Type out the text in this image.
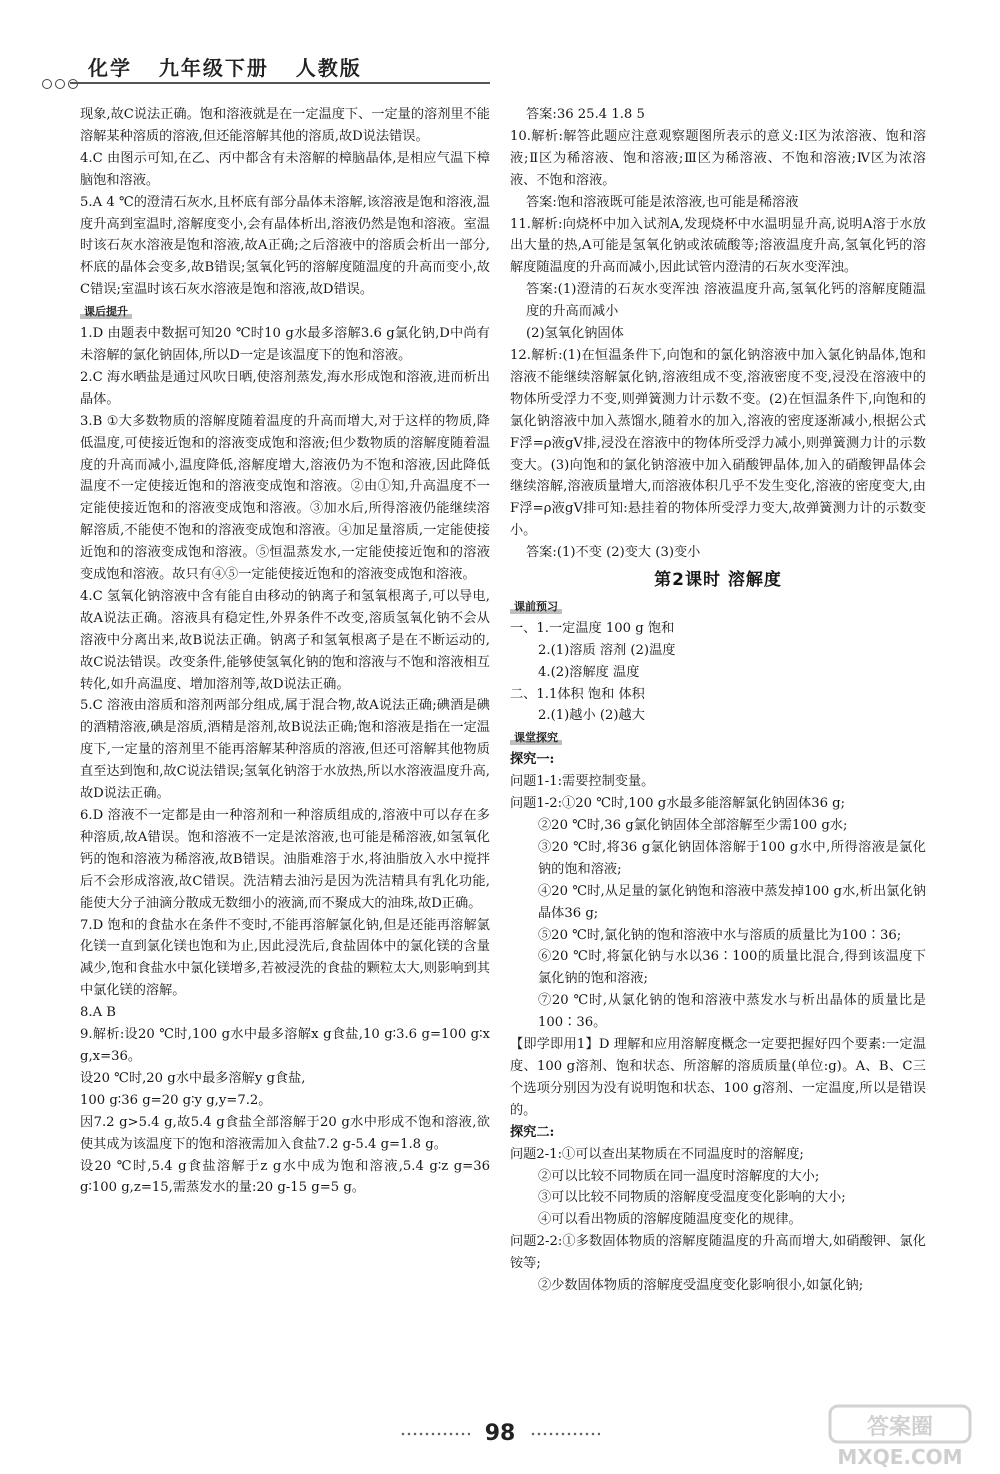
化学   九年级下册   人教版
现象,故C说法正确。饱和溶液就是在一定温度下、一定量的溶剂里不能溶解某种溶质的溶液,但还能溶解其他的溶质,故D说法错误。
4.C 由图示可知,在乙、丙中都含有未溶解的樟脑晶体,是相应气温下樟脑饱和溶液。
5.A 4 ℃的澄清石灰水,且杯底有部分晶体未溶解,该溶液是饱和溶液,温度升高到室温时,溶解度变小,会有晶体析出,溶液仍然是饱和溶液。室温时该石灰水溶液是饱和溶液,故A正确;之后溶液中的溶质会析出一部分,杯底的晶体会变多,故B错误;氢氧化钙的溶解度随温度的升高而变小,故C错误;室温时该石灰水溶液是饱和溶液,故D错误。
课后提升
1.D 由题表中数据可知20 ℃时10 g水最多溶解3.6 g氯化钠,D中尚有未溶解的氯化钠固体,所以D一定是该温度下的饱和溶液。
2.C 海水晒盐是通过风吹日晒,使溶剂蒸发,海水形成饱和溶液,进而析出晶体。
3.B ①大多数物质的溶解度随着温度的升高而增大,对于这样的物质,降低温度,可使接近饱和的溶液变成饱和溶液;但少数物质的溶解度随着温度的升高而减小,温度降低,溶解度增大,溶液仍为不饱和溶液,因此降低温度不一定使接近饱和的溶液变成饱和溶液。②由①知,升高温度不一定能使接近饱和的溶液变成饱和溶液。③加水后,所得溶液仍能继续溶解溶质,不能使不饱和的溶液变成饱和溶液。④加足量溶质,一定能使接近饱和的溶液变成饱和溶液。⑤恒温蒸发水,一定能使接近饱和的溶液变成饱和溶液。故只有④⑤一定能使接近饱和的溶液变成饱和溶液。
4.C 氢氧化钠溶液中含有能自由移动的钠离子和氢氧根离子,可以导电,故A说法正确。溶液具有稳定性,外界条件不改变,溶质氢氧化钠不会从溶液中分离出来,故B说法正确。钠离子和氢氧根离子是在不断运动的,故C说法错误。改变条件,能够使氢氧化钠的饱和溶液与不饱和溶液相互转化,如升高温度、增加溶剂等,故D说法正确。
5.C 溶液由溶质和溶剂两部分组成,属于混合物,故A说法正确;碘酒是碘的酒精溶液,碘是溶质,酒精是溶剂,故B说法正确;饱和溶液是指在一定温度下,一定量的溶剂里不能再溶解某种溶质的溶液,但还可溶解其他物质直至达到饱和,故C说法错误;氢氧化钠溶于水放热,所以水溶液温度升高,故D说法正确。
6.D 溶液不一定都是由一种溶剂和一种溶质组成的,溶液中可以存在多种溶质,故A错误。饱和溶液不一定是浓溶液,也可能是稀溶液,如氢氧化钙的饱和溶液为稀溶液,故B错误。油脂难溶于水,将油脂放入水中搅拌后不会形成溶液,故C错误。洗洁精去油污是因为洗洁精具有乳化功能,能使大分子油滴分散成无数细小的液滴,而不聚成大的油珠,故D正确。
7.D 饱和的食盐水在条件不变时,不能再溶解氯化钠,但是还能再溶解氯化镁一直到氯化镁也饱和为止,因此浸洗后,食盐固体中的氯化镁的含量减少,饱和食盐水中氯化镁增多,若被浸洗的食盐的颗粒太大,则影响到其中氯化镁的溶解。
8.A B
9.解析:设20 ℃时,100 g水中最多溶解x g食盐,10 g∶3.6 g=100 g∶x g,x=36。
设20 ℃时,20 g水中最多溶解y g食盐,
100 g∶36 g=20 g∶y g,y=7.2。
因7.2 g>5.4 g,故5.4 g食盐全部溶解于20 g水中形成不饱和溶液,欲使其成为该温度下的饱和溶液需加入食盐7.2 g-5.4 g=1.8 g。
设20 ℃时,5.4 g食盐溶解于z g水中成为饱和溶液,5.4 g∶z g=36 g∶100 g,z=15,需蒸发水的量:20 g-15 g=5 g。
答案:36 25.4 1.8 5
10.解析:解答此题应注意观察题图所表示的意义:Ⅰ区为浓溶液、饱和溶液;Ⅱ区为稀溶液、饱和溶液;Ⅲ区为稀溶液、不饱和溶液;Ⅳ区为浓溶液、不饱和溶液。
答案:饱和溶液既可能是浓溶液,也可能是稀溶液
11.解析:向烧杯中加入试剂A,发现烧杯中水温明显升高,说明A溶于水放出大量的热,A可能是氢氧化钠或浓硫酸等;溶液温度升高,氢氧化钙的溶解度随温度的升高而减小,因此试管内澄清的石灰水变浑浊。
答案:(1)澄清的石灰水变浑浊 溶液温度升高,氢氧化钙的溶解度随温度的升高而减小
(2)氢氧化钠固体
12.解析:(1)在恒温条件下,向饱和的氯化钠溶液中加入氯化钠晶体,饱和溶液不能继续溶解氯化钠,溶液组成不变,溶液密度不变,浸没在溶液中的物体所受浮力不变,则弹簧测力计示数不变。(2)在恒温条件下,向饱和的氯化钠溶液中加入蒸馏水,随着水的加入,溶液的密度逐渐减小,根据公式F浮=ρ液gV排,浸没在溶液中的物体所受浮力减小,则弹簧测力计的示数变大。(3)向饱和的氯化钠溶液中加入硝酸钾晶体,加入的硝酸钾晶体会继续溶解,溶液质量增大,而溶液体积几乎不发生变化,溶液的密度变大,由F浮=ρ液gV排可知:悬挂着的物体所受浮力变大,故弹簧测力计的示数变小。
答案:(1)不变 (2)变大 (3)变小
第2课时 溶解度
课前预习
一、1.一定温度 100 g 饱和
2.(1)溶质 溶剂 (2)温度
4.(2)溶解度 温度
二、1.1体积 饱和 体积
2.(1)越小 (2)越大
课堂探究
探究一:
问题1-1:需要控制变量。
问题1-2:①20 ℃时,100 g水最多能溶解氯化钠固体36 g;
②20 ℃时,36 g氯化钠固体全部溶解至少需100 g水;
③20 ℃时,将36 g氯化钠固体溶解于100 g水中,所得溶液是氯化钠的饱和溶液;
④20 ℃时,从足量的氯化钠饱和溶液中蒸发掉100 g水,析出氯化钠晶体36 g;
⑤20 ℃时,氯化钠的饱和溶液中水与溶质的质量比为100∶36;
⑥20 ℃时,将氯化钠与水以36∶100的质量比混合,得到该温度下氯化钠的饱和溶液;
⑦20 ℃时,从氯化钠的饱和溶液中蒸发水与析出晶体的质量比是100∶36。
【即学即用1】D 理解和应用溶解度概念一定要把握好四个要素:一定温度、100 g溶剂、饱和状态、所溶解的溶质质量(单位:g)。A、B、C三个选项分别因为没有说明饱和状态、100 g溶剂、一定温度,所以是错误的。
探究二:
问题2-1:①可以查出某物质在不同温度时的溶解度;
②可以比较不同物质在同一温度时溶解度的大小;
③可以比较不同物质的溶解度受温度变化影响的大小;
④可以看出物质的溶解度随温度变化的规律。
问题2-2:①多数固体物质的溶解度随温度的升高而增大,如硝酸钾、氯化铵等;
②少数固体物质的溶解度受温度变化影响很小,如氯化钠;
98	答案圈
MXQE.COM
